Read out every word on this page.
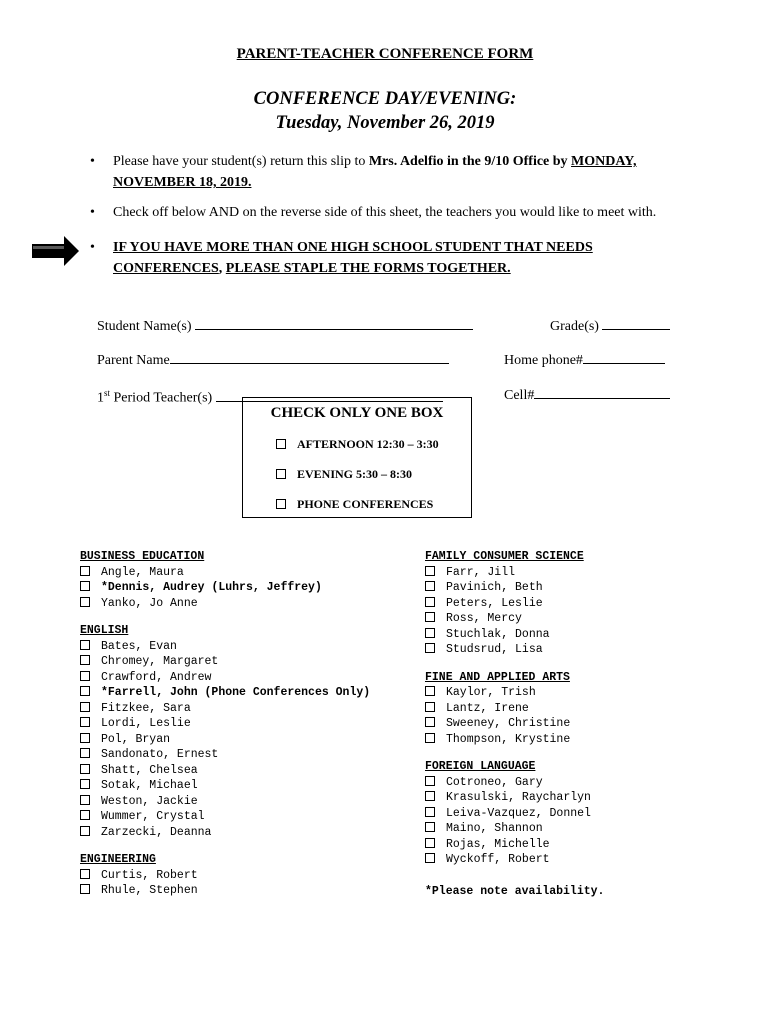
PARENT-TEACHER CONFERENCE FORM
CONFERENCE DAY/EVENING:
Tuesday, November 26, 2019
• Please have your student(s) return this slip to Mrs. Adelfio in the 9/10 Office by MONDAY,
NOVEMBER 18, 2019.
• Check off below AND on the reverse side of this sheet, the teachers you would like to meet with.
• IF YOU HAVE MORE THAN ONE HIGH SCHOOL STUDENT THAT NEEDS
CONFERENCES, PLEASE STAPLE THE FORMS TOGETHER.

Student Name(s)	Grade(s)

Parent Name	Home phone#

1st Period Teacher(s)	Cell#

CHECK ONLY ONE BOX
AFTERNOON 12:30 – 3:30
EVENING 5:30 – 8:30
PHONE CONFERENCES
BUSINESS EDUCATION
Angle, Maura
*Dennis, Audrey (Luhrs, Jeffrey)
Yanko, Jo Anne
ENGLISH
Bates, Evan
Chromey, Margaret
Crawford, Andrew
*Farrell, John (Phone Conferences Only)
Fitzkee, Sara
Lordi, Leslie
Pol, Bryan
Sandonato, Ernest
Shatt, Chelsea
Sotak, Michael
Weston, Jackie
Wummer, Crystal
Zarzecki, Deanna
ENGINEERING
Curtis, Robert
Rhule, Stephen
FAMILY CONSUMER SCIENCE
Farr, Jill
Pavinich, Beth
Peters, Leslie
Ross, Mercy
Stuchlak, Donna
Studsrud, Lisa
FINE AND APPLIED ARTS
Kaylor, Trish
Lantz, Irene
Sweeney, Christine
Thompson, Krystine
FOREIGN LANGUAGE
Cotroneo, Gary
Krasulski, Raycharlyn
Leiva-Vazquez, Donnel
Maino, Shannon
Rojas, Michelle
Wyckoff, Robert
*Please note availability.
